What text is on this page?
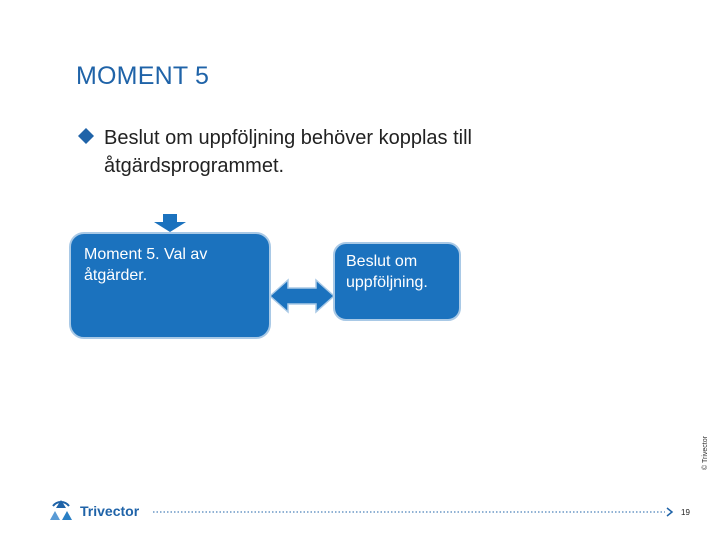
MOMENT 5
Beslut om uppföljning behöver kopplas till åtgärdsprogrammet.
Moment 5. Val av åtgärder.
Beslut om uppföljning.
© Trivector
Trivector	19
